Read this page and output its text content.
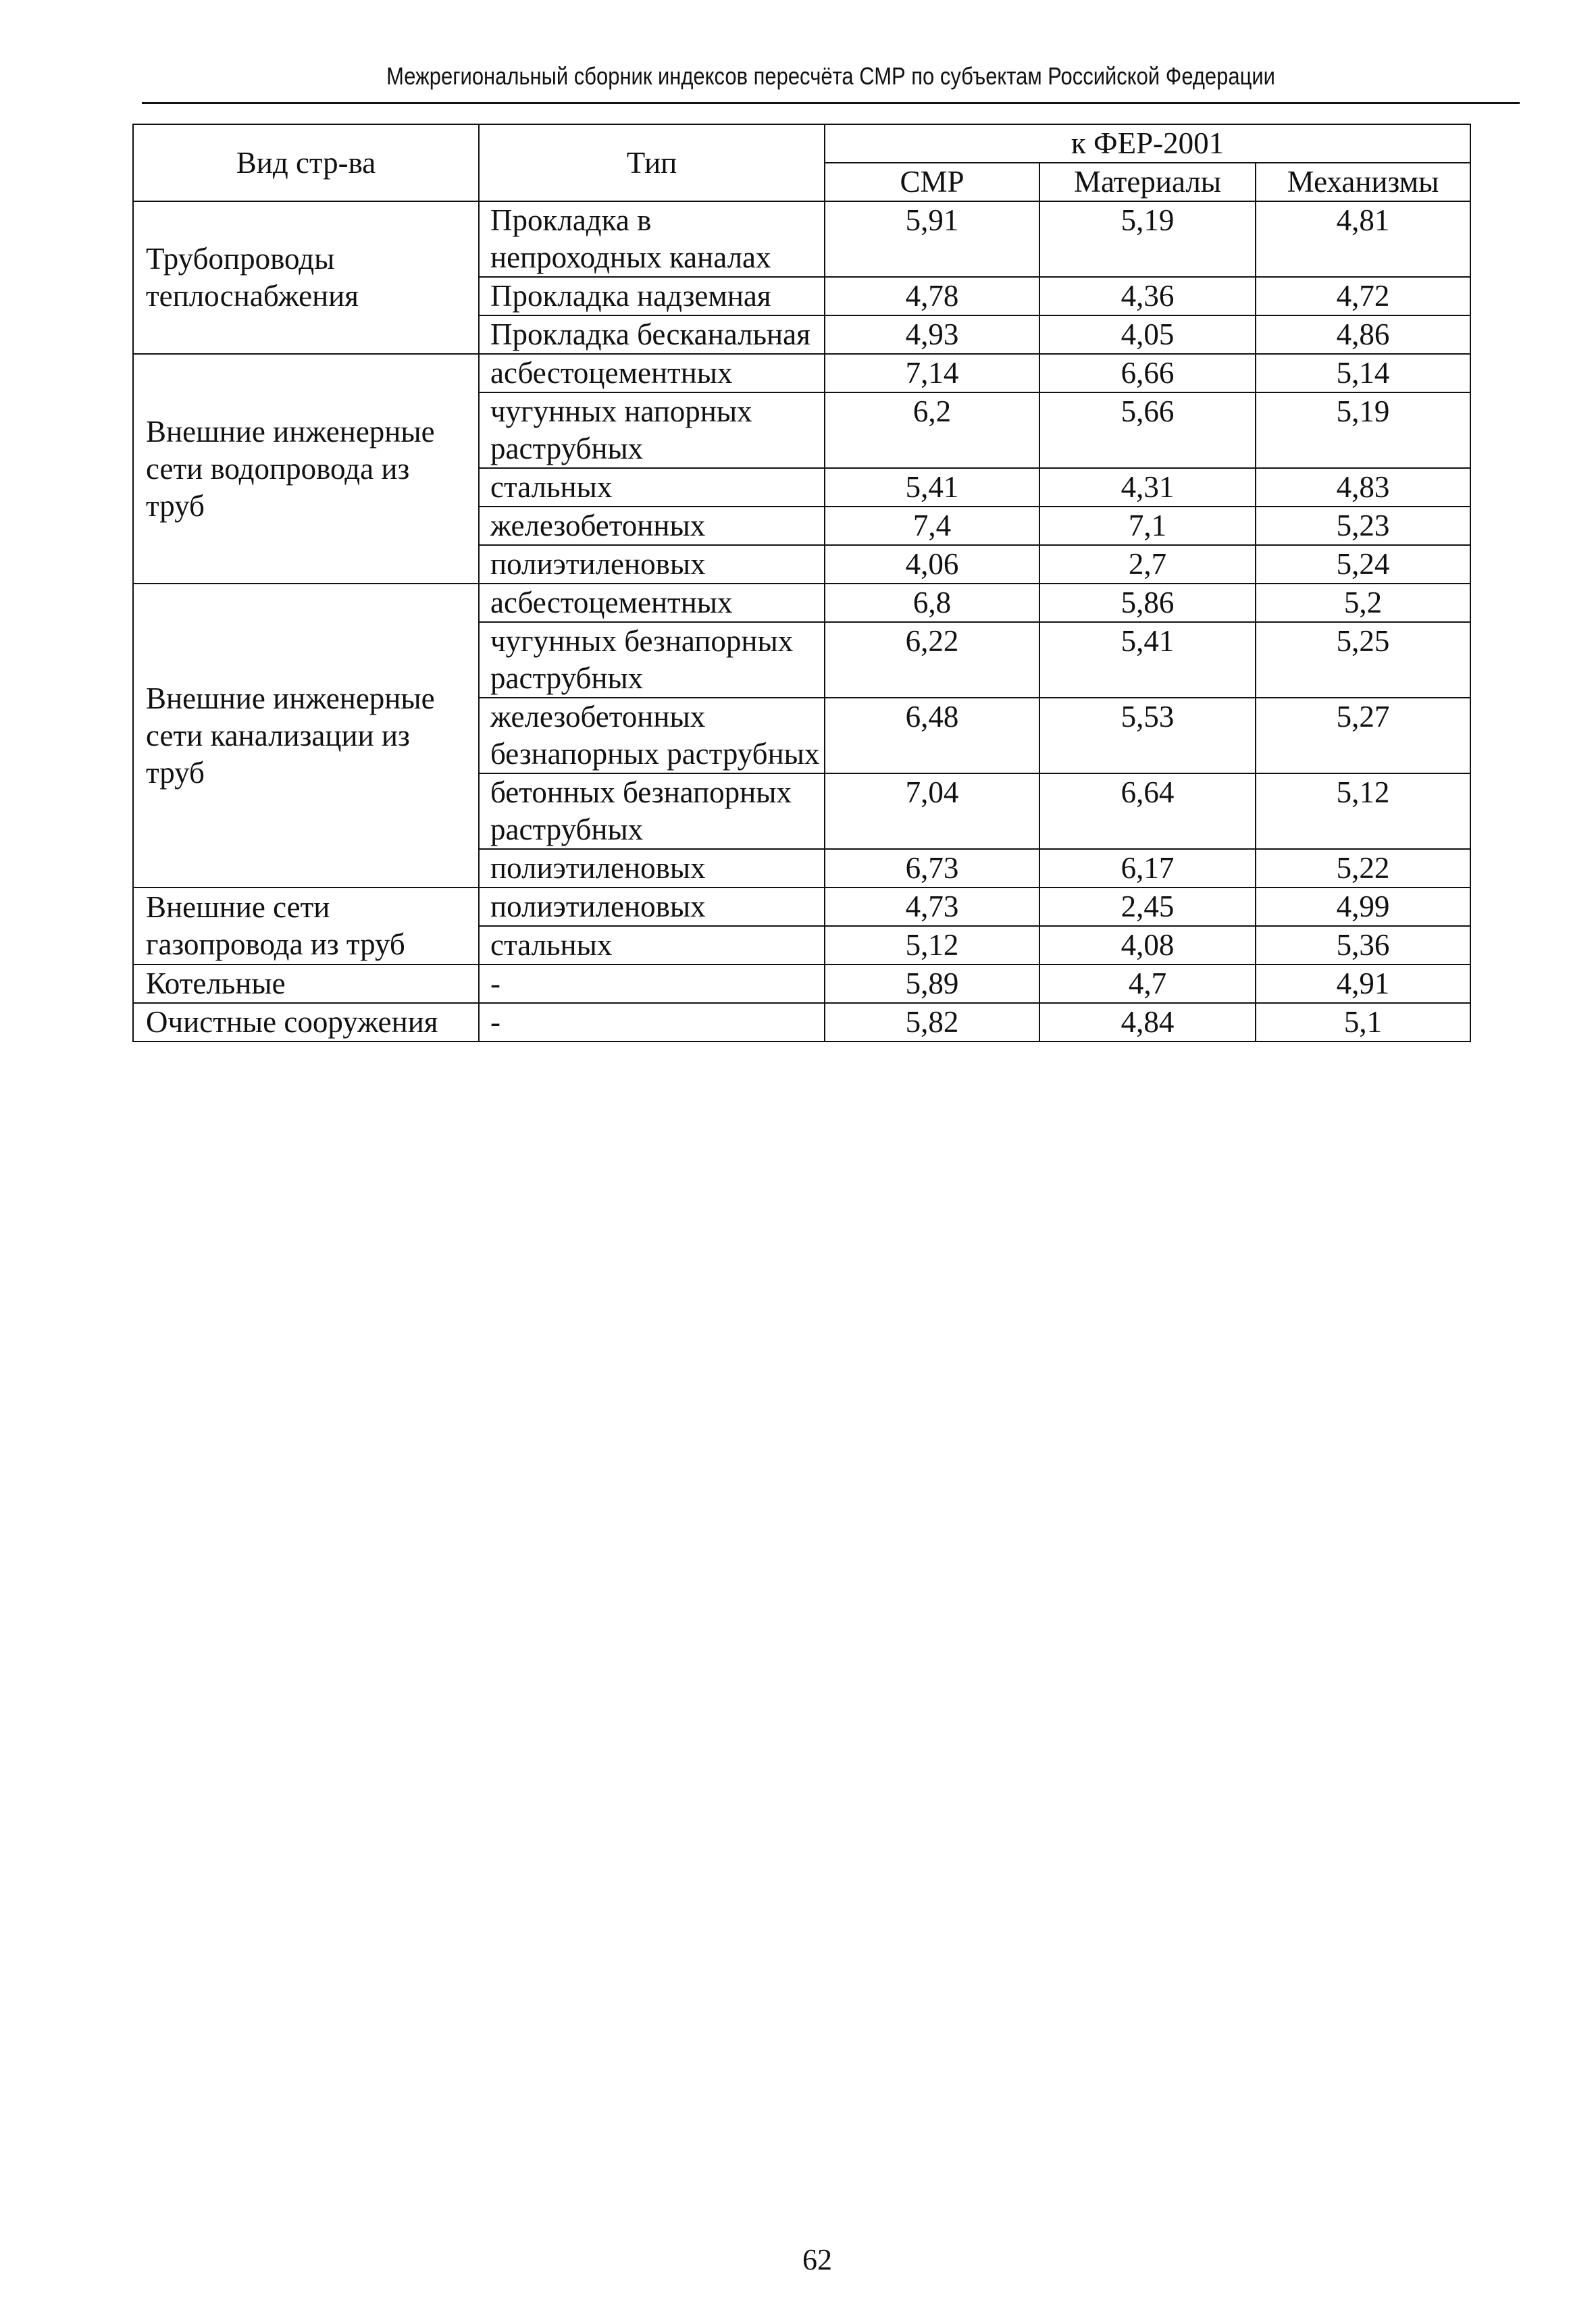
Межрегиональный сборник индексов пересчёта СМР по субъектам Российской Федерации
Вид стр-ва	Тип	к ФЕР-2001		
		СМР	Материалы	Механизмы
Трубопроводы теплоснабжения	Прокладка в непроходных каналах	5,91	5,19	4,81
	Прокладка надземная	4,78	4,36	4,72
	Прокладка бесканальная	4,93	4,05	4,86
Внешние инженерные сети водопровода из труб	асбестоцементных	7,14	6,66	5,14
	чугунных напорных раструбных	6,2	5,66	5,19
	стальных	5,41	4,31	4,83
	железобетонных	7,4	7,1	5,23
	полиэтиленовых	4,06	2,7	5,24
Внешние инженерные сети канализации из труб	асбестоцементных	6,8	5,86	5,2
	чугунных безнапорных раструбных	6,22	5,41	5,25
	железобетонных безнапорных раструбных	6,48	5,53	5,27
	бетонных безнапорных раструбных	7,04	6,64	5,12
	полиэтиленовых	6,73	6,17	5,22
Внешние сети газопровода из труб	полиэтиленовых	4,73	2,45	4,99
	стальных	5,12	4,08	5,36
Котельные	-	5,89	4,7	4,91
Очистные сооружения	-	5,82	4,84	5,1
62
